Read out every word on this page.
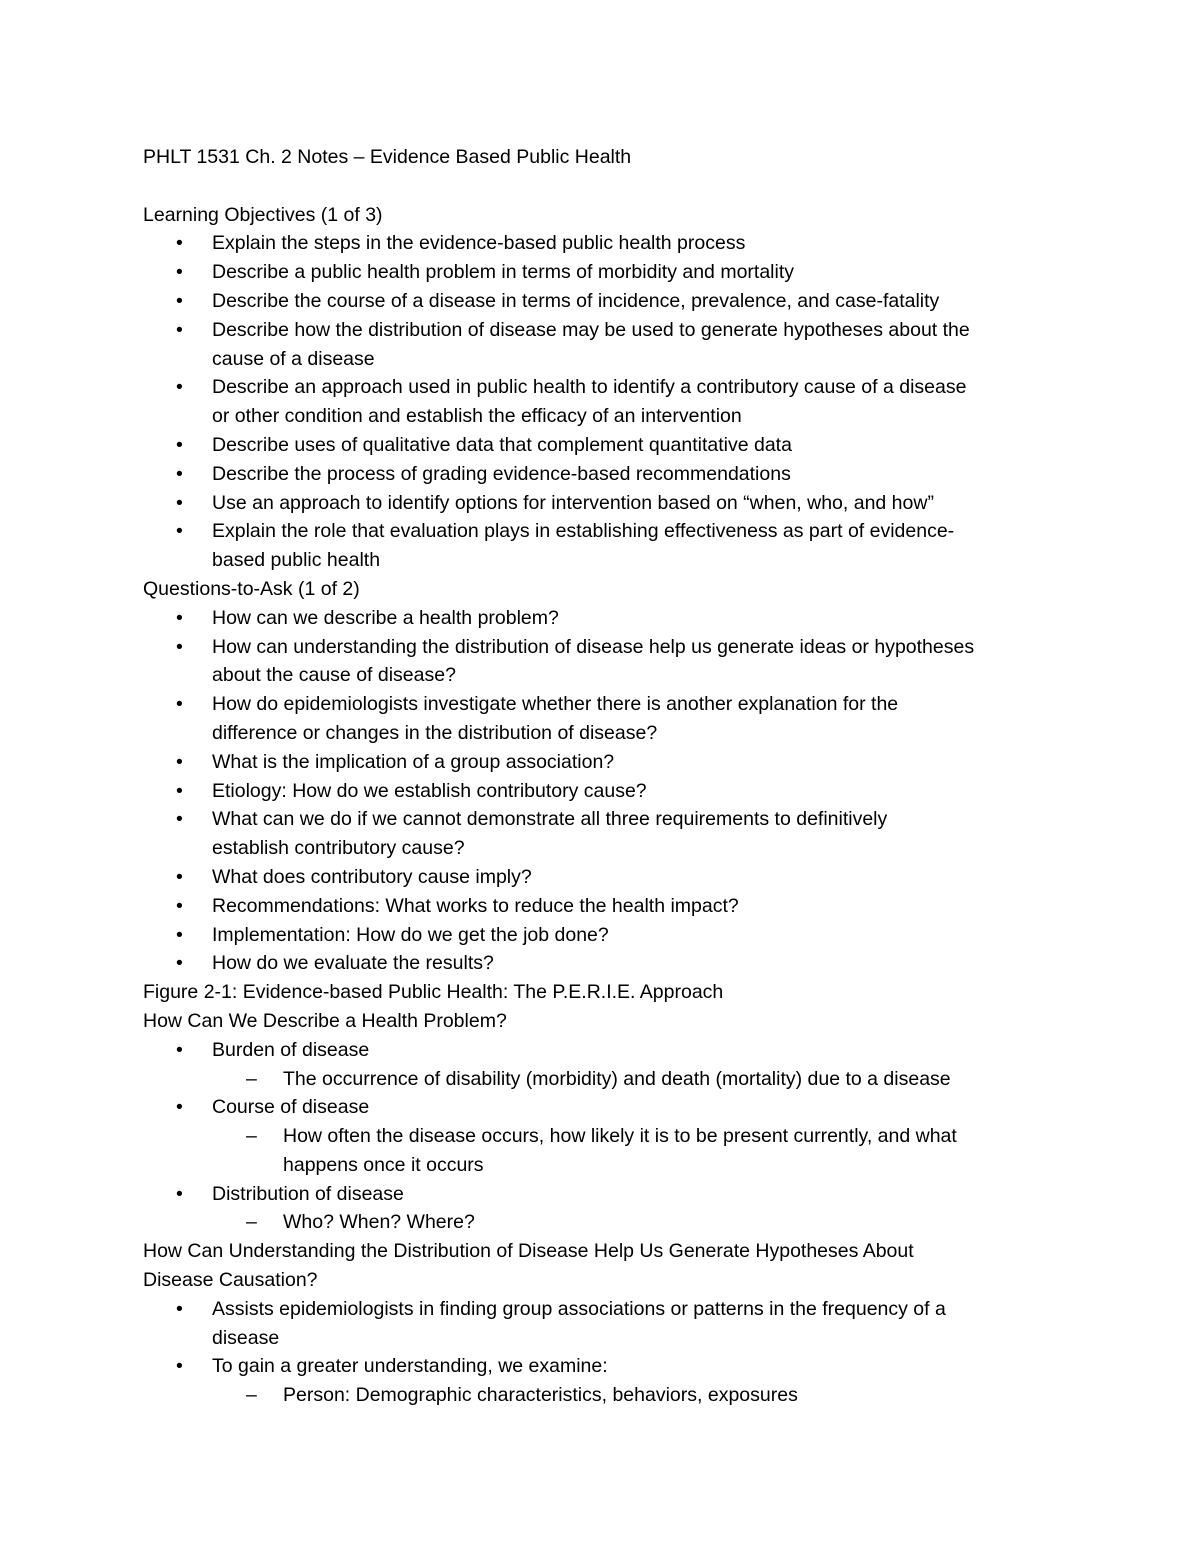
PHLT 1531 Ch. 2 Notes – Evidence Based Public Health
Learning Objectives (1 of 3)
• Explain the steps in the evidence-based public health process
• Describe a public health problem in terms of morbidity and mortality
• Describe the course of a disease in terms of incidence, prevalence, and case-fatality
• Describe how the distribution of disease may be used to generate hypotheses about the
cause of a disease
• Describe an approach used in public health to identify a contributory cause of a disease
or other condition and establish the efficacy of an intervention
• Describe uses of qualitative data that complement quantitative data
• Describe the process of grading evidence-based recommendations
• Use an approach to identify options for intervention based on “when, who, and how”
• Explain the role that evaluation plays in establishing effectiveness as part of evidence-
based public health
Questions-to-Ask (1 of 2)
• How can we describe a health problem?
• How can understanding the distribution of disease help us generate ideas or hypotheses
about the cause of disease?
• How do epidemiologists investigate whether there is another explanation for the
difference or changes in the distribution of disease?
• What is the implication of a group association?
• Etiology: How do we establish contributory cause?
• What can we do if we cannot demonstrate all three requirements to definitively
establish contributory cause?
• What does contributory cause imply?
• Recommendations: What works to reduce the health impact?
• Implementation: How do we get the job done?
• How do we evaluate the results?
Figure 2-1: Evidence-based Public Health: The P.E.R.I.E. Approach
How Can We Describe a Health Problem?
• Burden of disease
– The occurrence of disability (morbidity) and death (mortality) due to a disease
• Course of disease
– How often the disease occurs, how likely it is to be present currently, and what
happens once it occurs
• Distribution of disease
– Who? When? Where?
How Can Understanding the Distribution of Disease Help Us Generate Hypotheses About
Disease Causation?
• Assists epidemiologists in finding group associations or patterns in the frequency of a
disease
• To gain a greater understanding, we examine:
– Person: Demographic characteristics, behaviors, exposures
